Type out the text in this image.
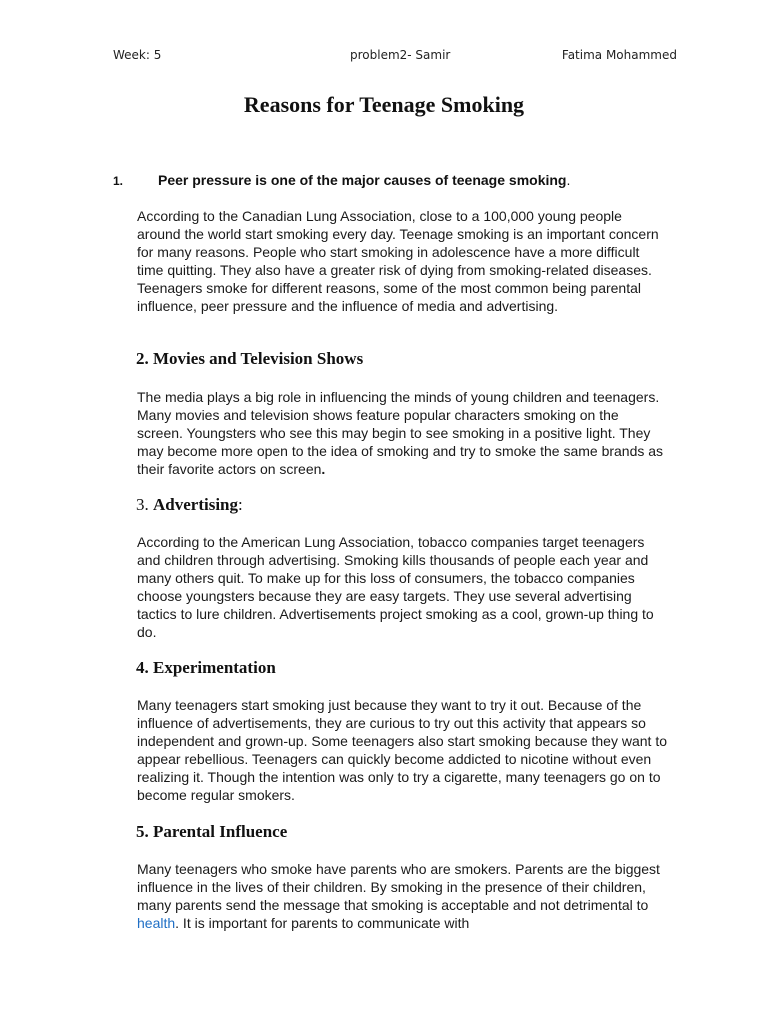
Week: 5	problem2- Samir	Fatima Mohammed
Reasons for Teenage Smoking
1. Peer pressure is one of the major causes of teenage smoking.

According to the Canadian Lung Association, close to a 100,000 young people around the world start smoking every day. Teenage smoking is an important concern for many reasons. People who start smoking in adolescence have a more difficult time quitting. They also have a greater risk of dying from smoking-related diseases. Teenagers smoke for different reasons, some of the most common being parental influence, peer pressure and the influence of media and advertising.

2. Movies and Television Shows

The media plays a big role in influencing the minds of young children and teenagers. Many movies and television shows feature popular characters smoking on the screen. Youngsters who see this may begin to see smoking in a positive light. They may become more open to the idea of smoking and try to smoke the same brands as their favorite actors on screen.

3. Advertising:

According to the American Lung Association, tobacco companies target teenagers and children through advertising. Smoking kills thousands of people each year and many others quit. To make up for this loss of consumers, the tobacco companies choose youngsters because they are easy targets. They use several advertising tactics to lure children. Advertisements project smoking as a cool, grown-up thing to do.

4. Experimentation

Many teenagers start smoking just because they want to try it out. Because of the influence of advertisements, they are curious to try out this activity that appears so independent and grown-up. Some teenagers also start smoking because they want to appear rebellious. Teenagers can quickly become addicted to nicotine without even realizing it. Though the intention was only to try a cigarette, many teenagers go on to become regular smokers.

5. Parental Influence

Many teenagers who smoke have parents who are smokers. Parents are the biggest influence in the lives of their children. By smoking in the presence of their children, many parents send the message that smoking is acceptable and not detrimental to health. It is important for parents to communicate with
